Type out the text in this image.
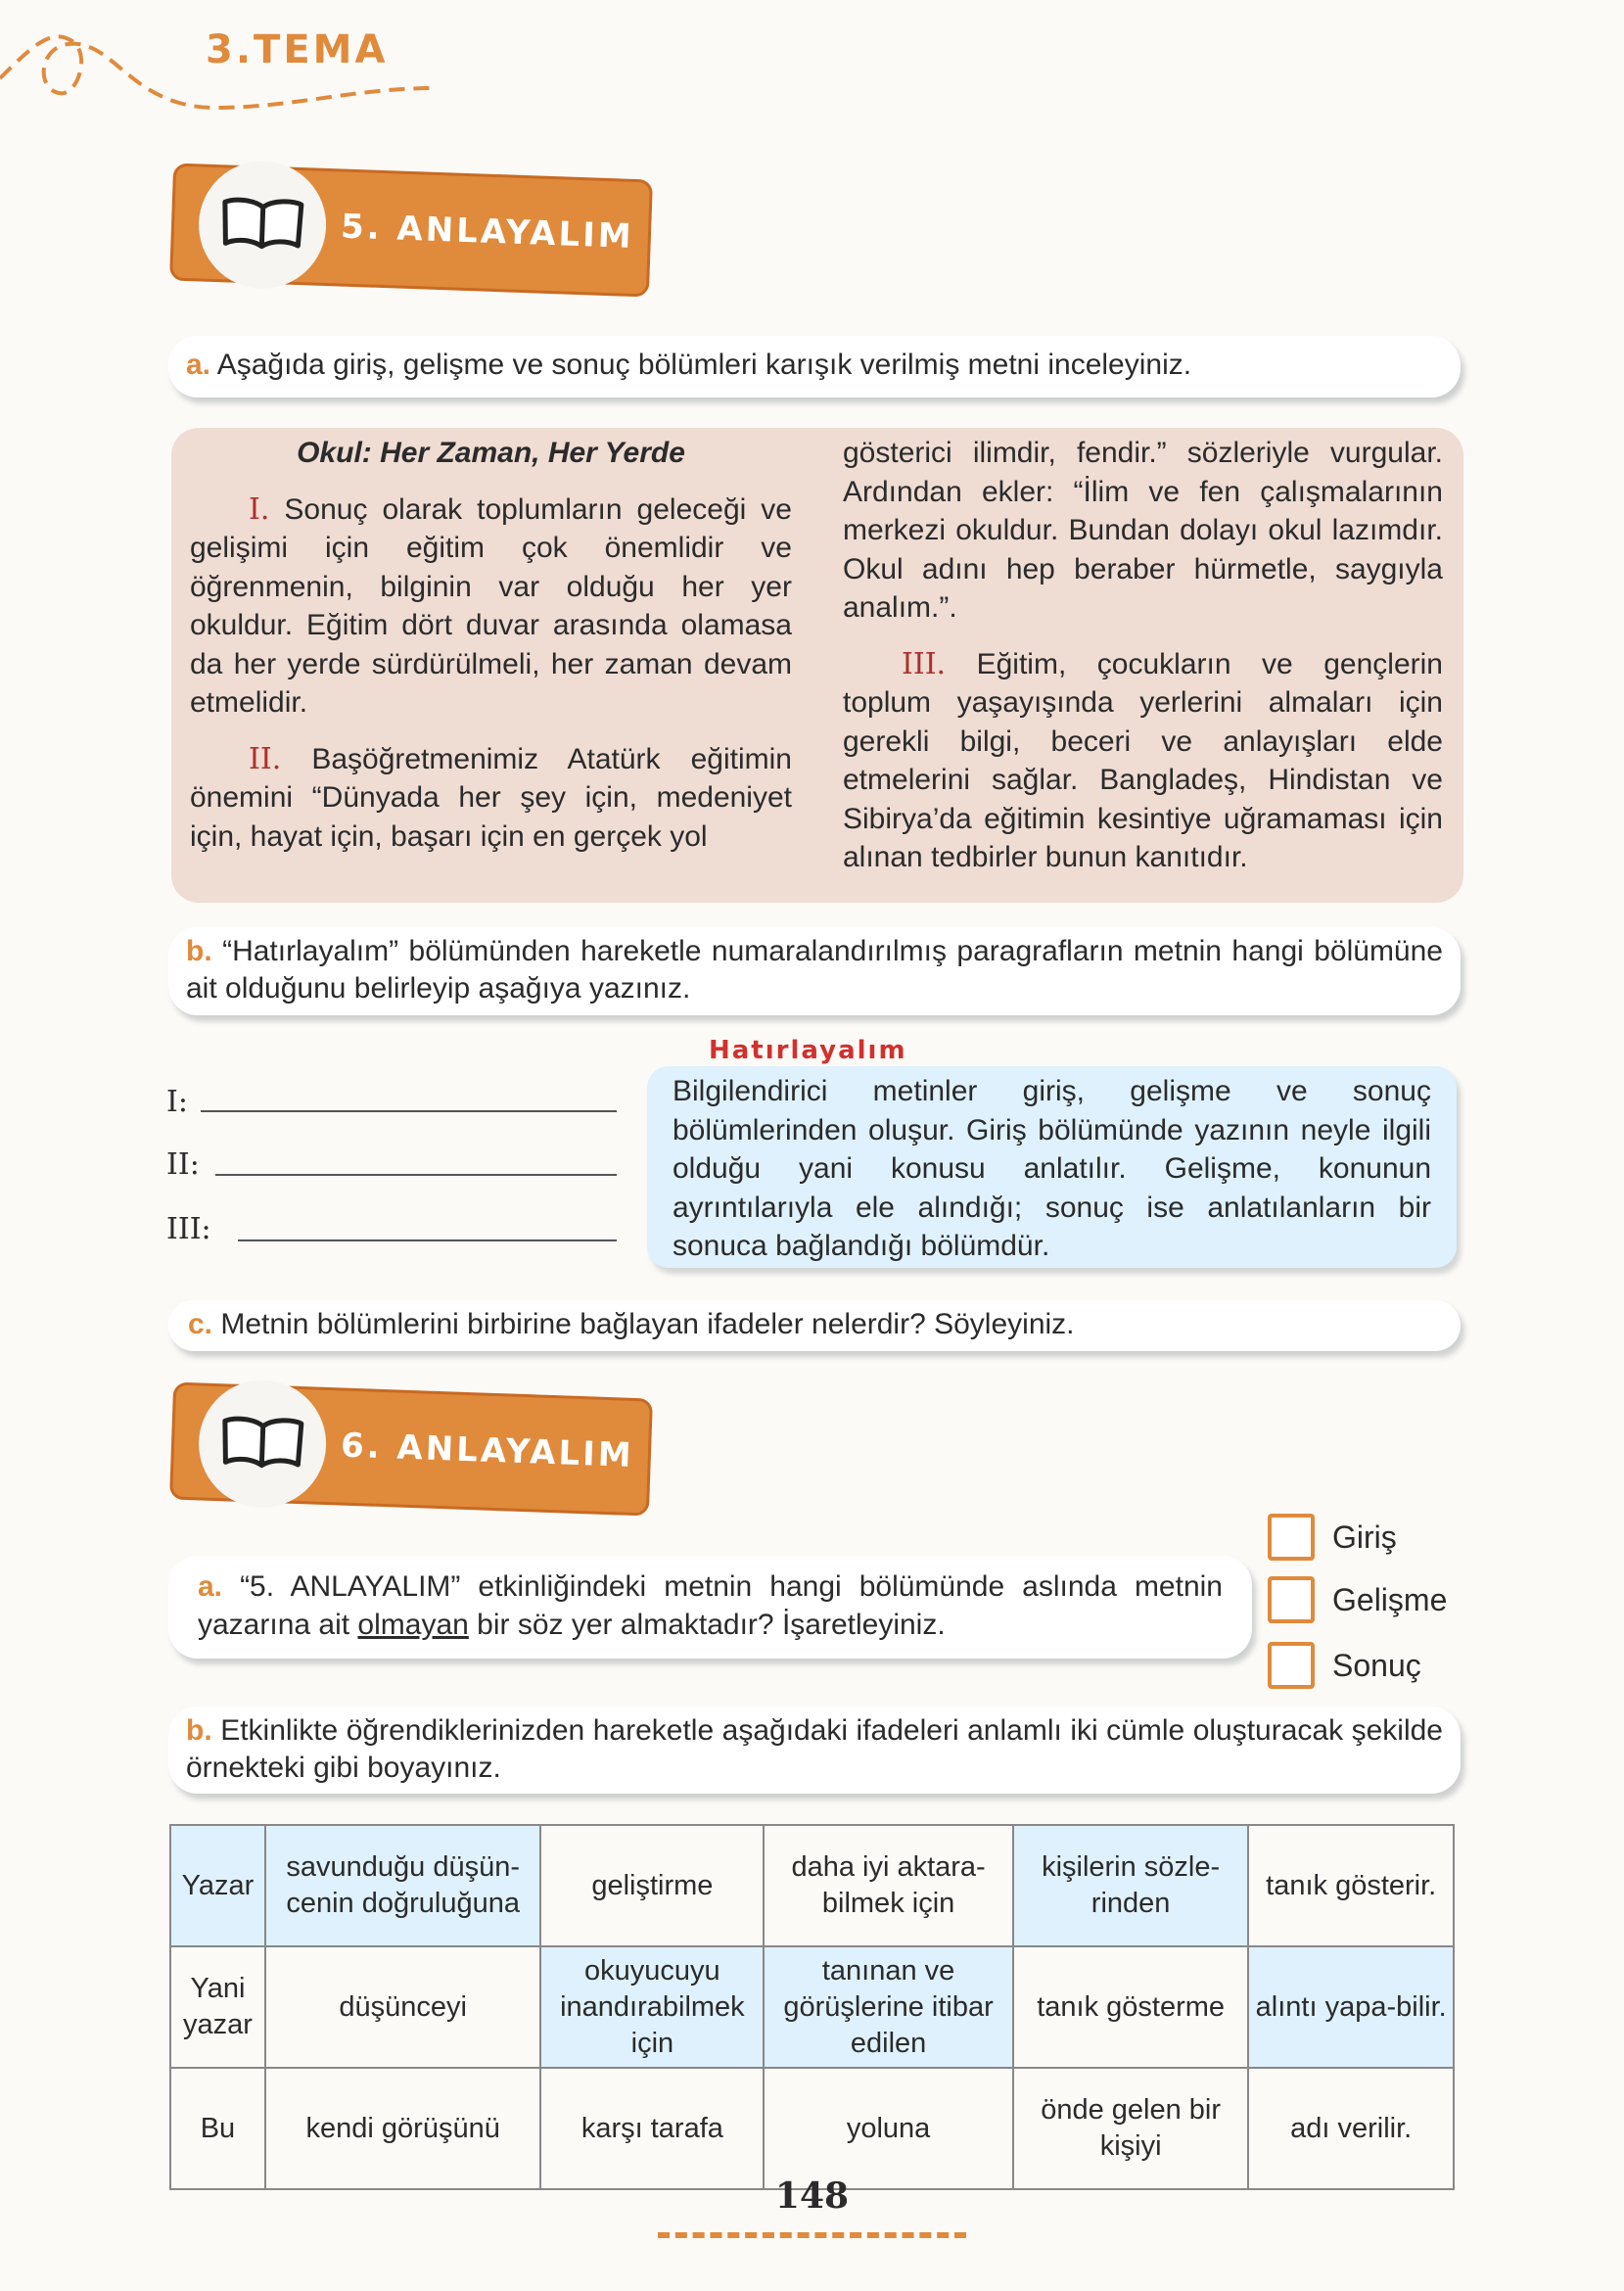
3.TEMA
5. ANLAYALIM
a. Aşağıda giriş, gelişme ve sonuç bölümleri karışık verilmiş metni inceleyiniz.
Okul: Her Zaman, Her Yerde
I. Sonuç olarak toplumların geleceği ve gelişimi için eğitim çok önemlidir ve öğrenmenin, bilginin var olduğu her yer okuldur. Eğitim dört duvar arasında olamasa da her yerde sürdürülmeli, her zaman devam etmelidir.
II. Başöğretmenimiz Atatürk eğitimin önemini “Dünyada her şey için, medeniyet için, hayat için, başarı için en gerçek yol
gösterici ilimdir, fendir.” sözleriyle vurgular. Ardından ekler: “İlim ve fen çalışmalarının merkezi okuldur. Bundan dolayı okul lazımdır. Okul adını hep beraber hürmetle, saygıyla analım.”.
III. Eğitim, çocukların ve gençlerin toplum yaşayışında yerlerini almaları için gerekli bilgi, beceri ve anlayışları elde etmelerini sağlar. Bangladeş, Hindistan ve Sibirya’da eğitimin kesintiye uğramaması için alınan tedbirler bunun kanıtıdır.
b. “Hatırlayalım” bölümünden hareketle numaralandırılmış paragrafların metnin hangi bölümüne ait olduğunu belirleyip aşağıya yazınız.
I:
II:
III:
Hatırlayalım
Bilgilendirici metinler giriş, gelişme ve sonuç bölümlerinden oluşur. Giriş bölümünde yazının neyle ilgili olduğu yani konusu anlatılır. Gelişme, konunun ayrıntılarıyla ele alındığı; sonuç ise anlatılanların bir sonuca bağlandığı bölümdür.
c. Metnin bölümlerini birbirine bağlayan ifadeler nelerdir? Söyleyiniz.
6. ANLAYALIM
a. “5. ANLAYALIM” etkinliğindeki metnin hangi bölümünde aslında metnin yazarına ait olmayan bir söz yer almaktadır? İşaretleyiniz.
Giriş
Gelişme
Sonuç
b. Etkinlikte öğrendiklerinizden hareketle aşağıdaki ifadeleri anlamlı iki cümle oluşturacak şekilde örnekteki gibi boyayınız.
Yazar	savunduğu düşün-cenin doğruluğuna	geliştirme	daha iyi aktara-bilmek için	kişilerin sözle-rinden	tanık gösterir.
Yani yazar	düşünceyi	okuyucuyu inandırabilmek için	tanınan ve görüşlerine itibar edilen	tanık gösterme	alıntı yapa-bilir.
Bu	kendi görüşünü	karşı tarafa	yoluna	önde gelen bir kişiyi	adı verilir.
148
